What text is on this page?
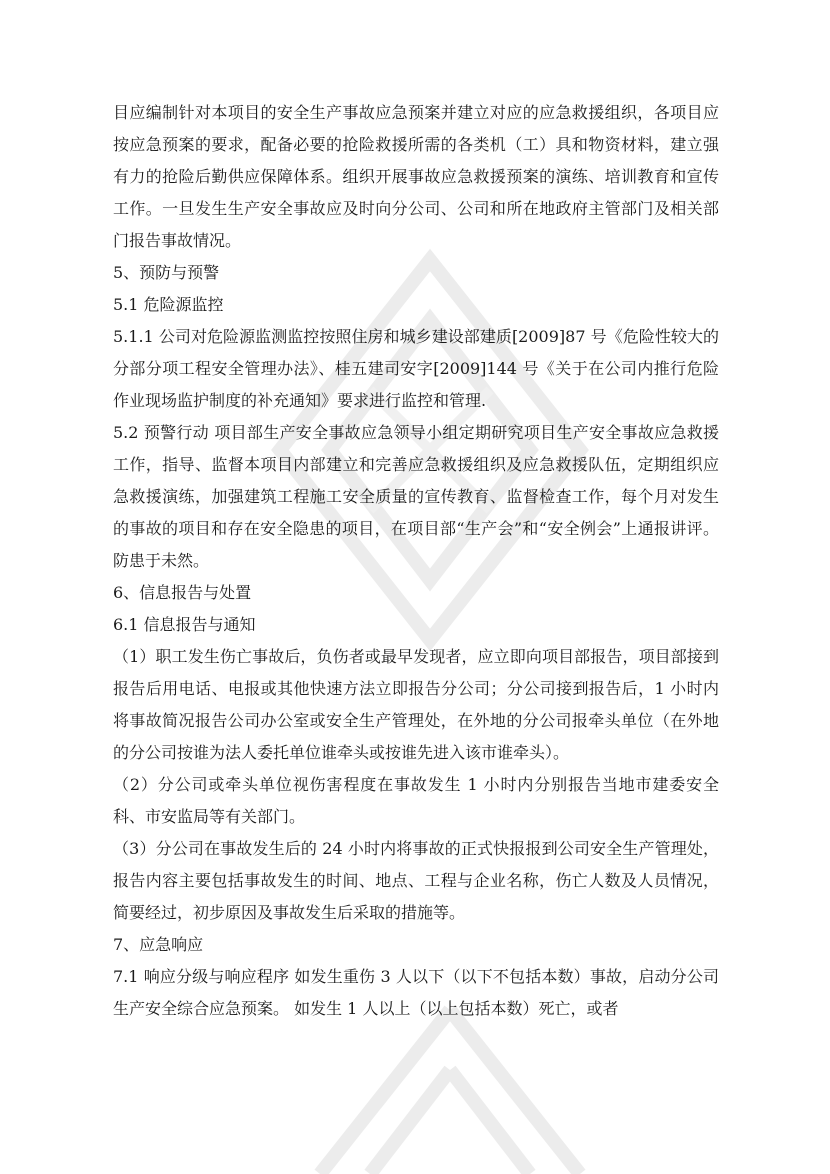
目应编制针对本项目的安全生产事故应急预案并建立对应的应急救援组织，各项目应按应急预案的要求，配备必要的抢险救援所需的各类机（工）具和物资材料，建立强有力的抢险后勤供应保障体系。组织开展事故应急救援预案的演练、培训教育和宣传工作。一旦发生生产安全事故应及时向分公司、公司和所在地政府主管部门及相关部门报告事故情况。

5、预防与预警

5.1 危险源监控

5.1.1 公司对危险源监测监控按照住房和城乡建设部建质[2009]87 号《危险性较大的分部分项工程安全管理办法》、桂五建司安字[2009]144 号《关于在公司内推行危险作业现场监护制度的补充通知》要求进行监控和管理.

5.2 预警行动 项目部生产安全事故应急领导小组定期研究项目生产安全事故应急救援工作，指导、监督本项目内部建立和完善应急救援组织及应急救援队伍，定期组织应急救援演练，加强建筑工程施工安全质量的宣传教育、监督检查工作，每个月对发生的事故的项目和存在安全隐患的项目，在项目部“生产会”和“安全例会”上通报讲评。防患于未然。

6、信息报告与处置

6.1 信息报告与通知

（1）职工发生伤亡事故后，负伤者或最早发现者，应立即向项目部报告，项目部接到报告后用电话、电报或其他快速方法立即报告分公司；分公司接到报告后，1 小时内将事故简况报告公司办公室或安全生产管理处，在外地的分公司报牵头单位（在外地的分公司按谁为法人委托单位谁牵头或按谁先进入该市谁牵头）。

（2）分公司或牵头单位视伤害程度在事故发生 1 小时内分别报告当地市建委安全科、市安监局等有关部门。

（3）分公司在事故发生后的 24 小时内将事故的正式快报报到公司安全生产管理处，报告内容主要包括事故发生的时间、地点、工程与企业名称，伤亡人数及人员情况，简要经过，初步原因及事故发生后采取的措施等。

7、应急响应

7.1 响应分级与响应程序 如发生重伤 3 人以下（以下不包括本数）事故，启动分公司生产安全综合应急预案。 如发生 1 人以上（以上包括本数）死亡，或者
